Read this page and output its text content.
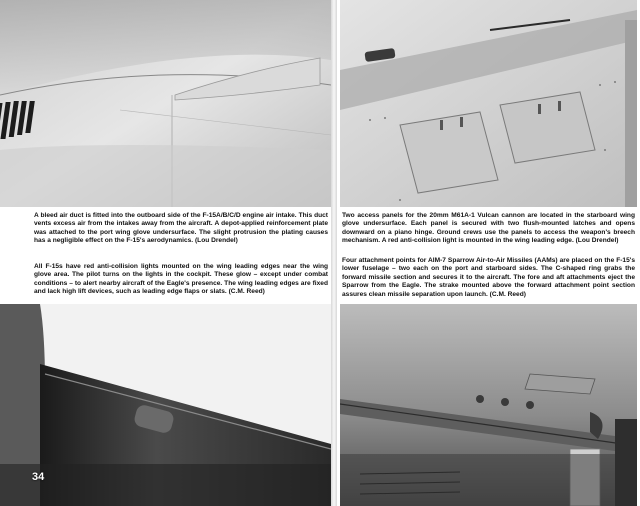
A bleed air duct is fitted into the outboard side of the F-15A/B/C/D engine air intake. This duct vents excess air from the intakes away from the aircraft. A depot-applied reinforcement plate was attached to the port wing glove undersurface. The slight protrusion the plating causes has a negligible effect on the F-15's aerodynamics. (Lou Drendel)

All F-15s have red anti-collision lights mounted on the wing leading edges near the wing glove area. The pilot turns on the lights in the cockpit. These glow – except under combat conditions – to alert nearby aircraft of the Eagle's presence. The wing leading edges are fixed and lack high lift devices, such as leading edge flaps or slats. (C.M. Reed)

34

Two access panels for the 20mm M61A-1 Vulcan cannon are located in the starboard wing glove undersurface. Each panel is secured with two flush-mounted latches and opens downward on a piano hinge. Ground crews use the panels to access the weapon's breech mechanism. A red anti-collision light is mounted in the wing leading edge. (Lou Drendel)

Four attachment points for AIM-7 Sparrow Air-to-Air Missiles (AAMs) are placed on the F-15's lower fuselage – two each on the port and starboard sides. The C-shaped ring grabs the forward missile section and secures it to the aircraft. The fore and aft attachments eject the Sparrow from the Eagle. The strake mounted above the forward attachment point section assures clean missile separation upon launch. (C.M. Reed)
